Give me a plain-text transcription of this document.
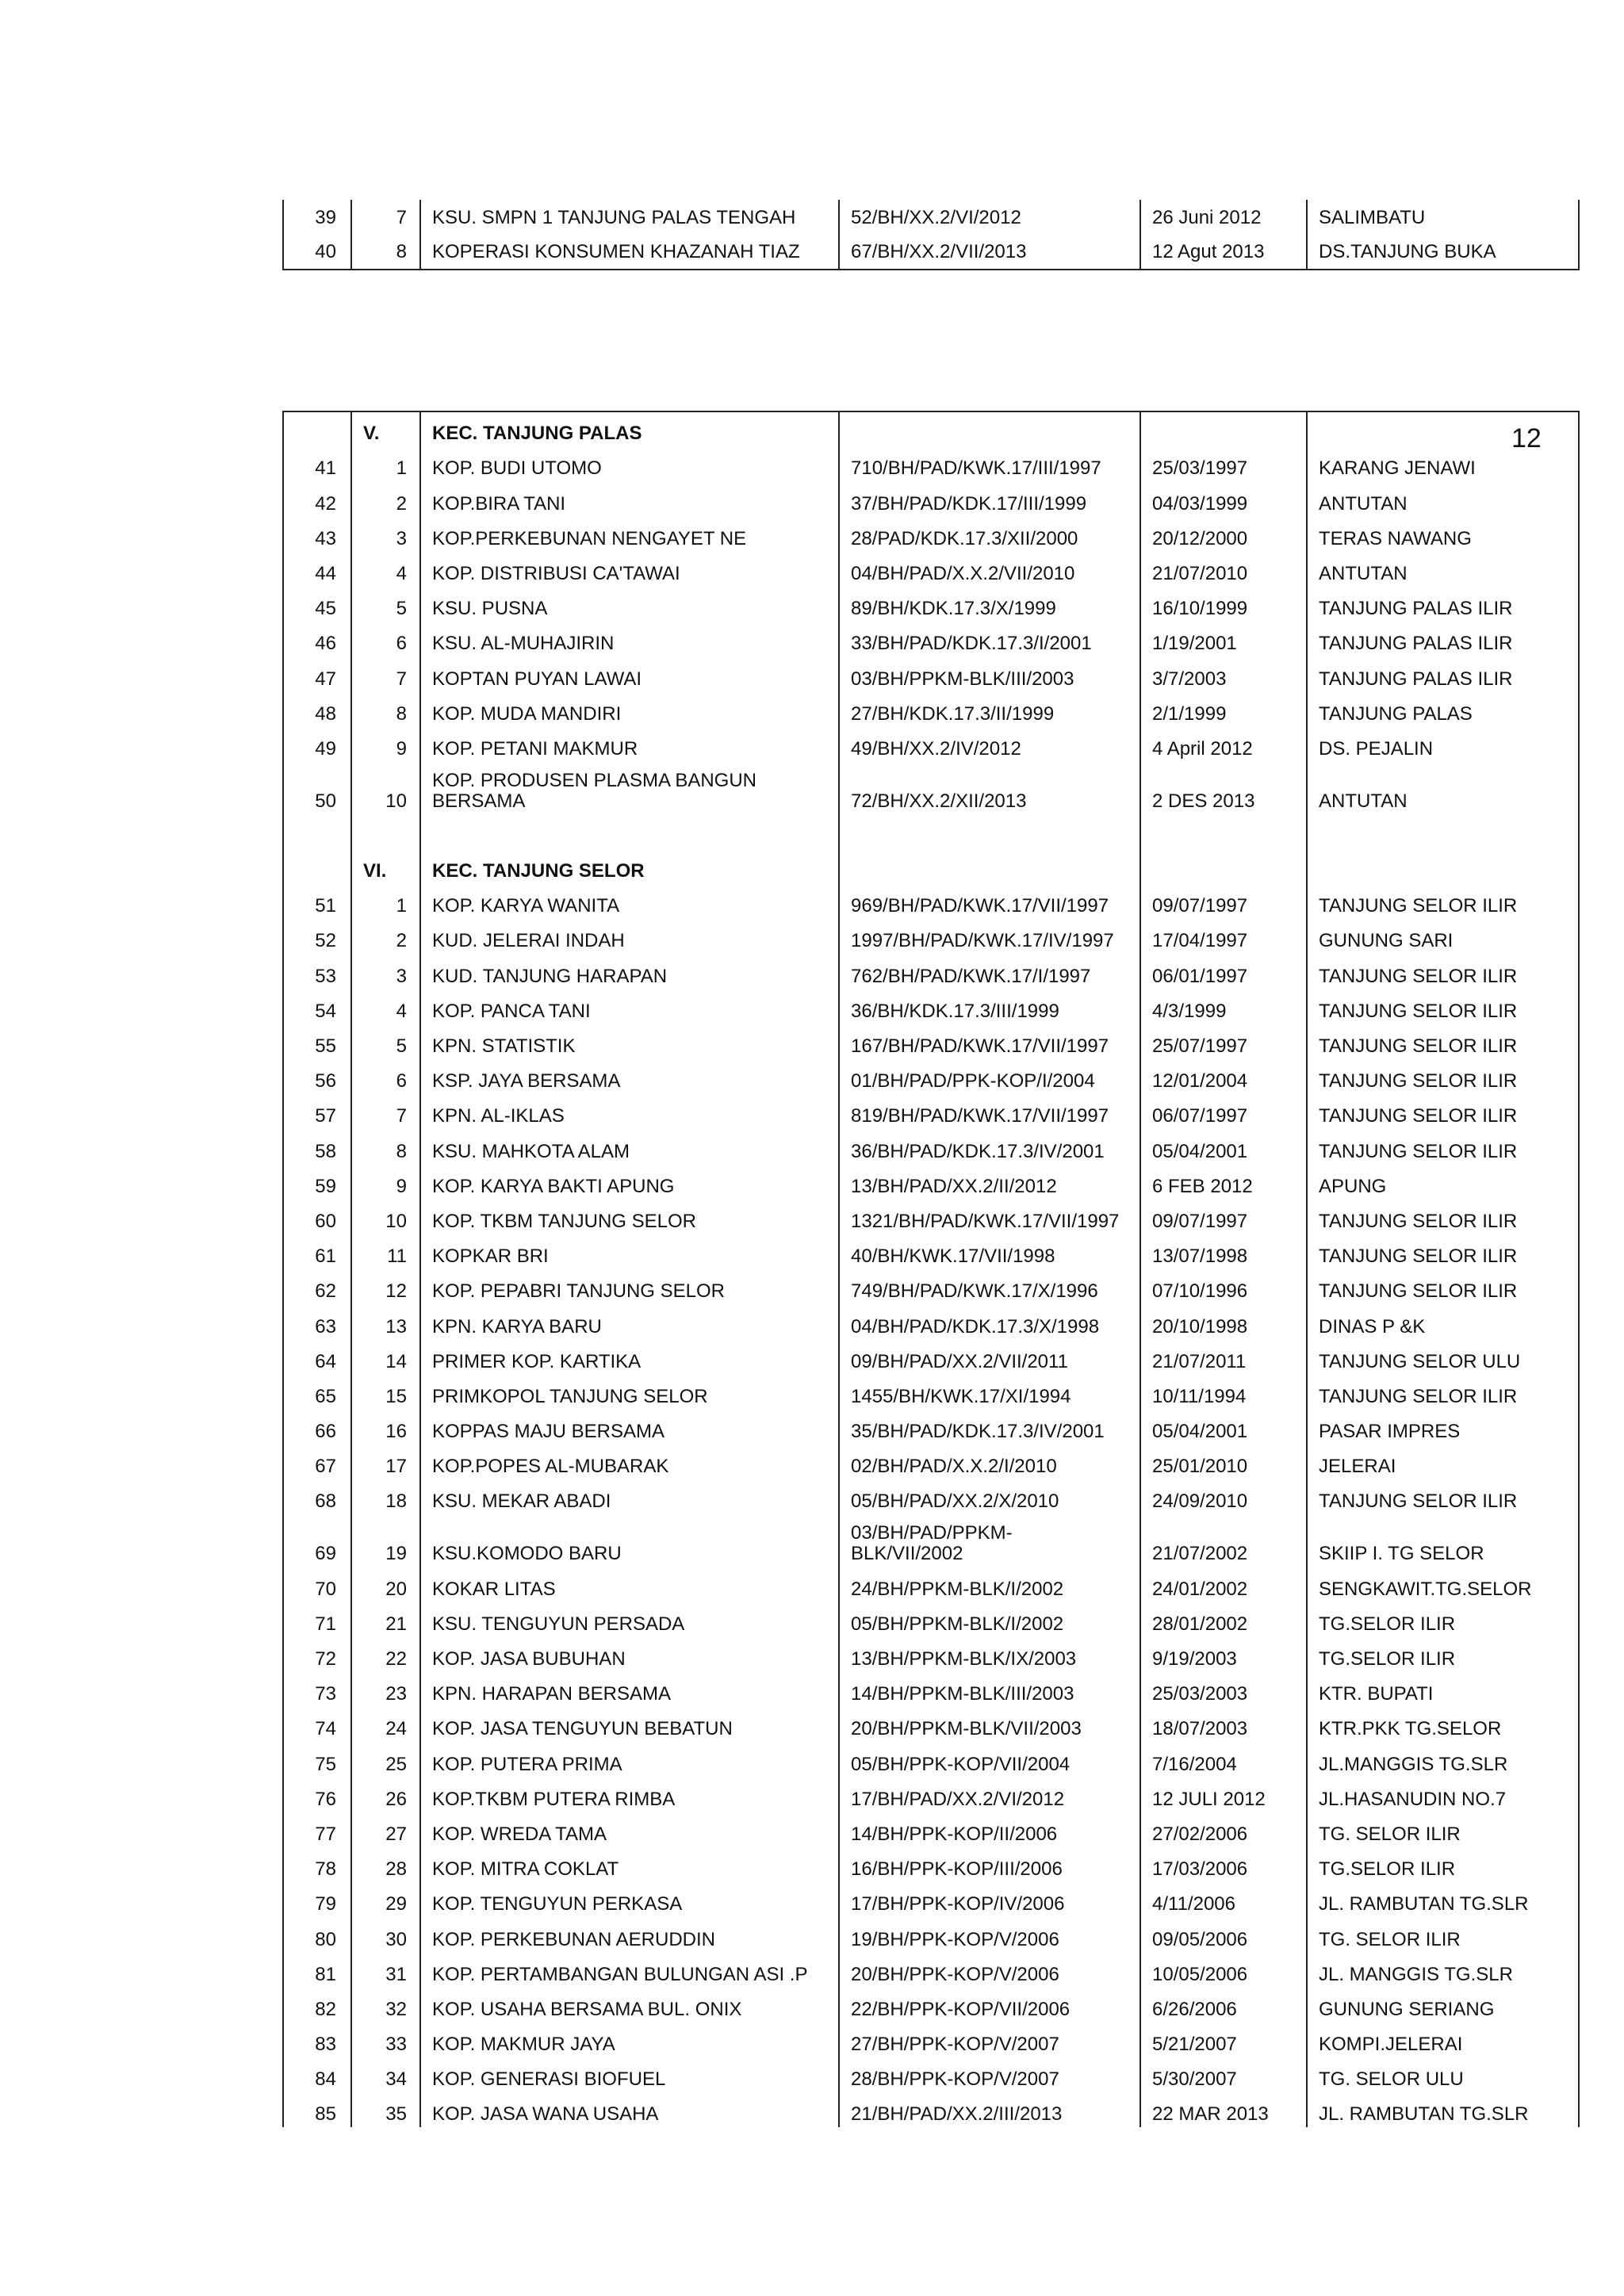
39	7	KSU. SMPN 1 TANJUNG PALAS TENGAH	52/BH/XX.2/VI/2012	26 Juni 2012	SALIMBATU
40	8	KOPERASI KONSUMEN KHAZANAH TIAZ	67/BH/XX.2/VII/2013	12 Agut 2013	DS.TANJUNG BUKA
	V.	KEC. TANJUNG PALAS			
41	1	KOP. BUDI UTOMO	710/BH/PAD/KWK.17/III/1997	25/03/1997	KARANG JENAWI
42	2	KOP.BIRA TANI	37/BH/PAD/KDK.17/III/1999	04/03/1999	ANTUTAN
43	3	KOP.PERKEBUNAN NENGAYET NE	28/PAD/KDK.17.3/XII/2000	20/12/2000	TERAS NAWANG
44	4	KOP. DISTRIBUSI CA'TAWAI	04/BH/PAD/X.X.2/VII/2010	21/07/2010	ANTUTAN
45	5	KSU. PUSNA	89/BH/KDK.17.3/X/1999	16/10/1999	TANJUNG PALAS ILIR
46	6	KSU. AL-MUHAJIRIN	33/BH/PAD/KDK.17.3/I/2001	1/19/2001	TANJUNG PALAS ILIR
47	7	KOPTAN PUYAN LAWAI	03/BH/PPKM-BLK/III/2003	3/7/2003	TANJUNG PALAS ILIR
48	8	KOP. MUDA MANDIRI	27/BH/KDK.17.3/II/1999	2/1/1999	TANJUNG PALAS
49	9	KOP. PETANI MAKMUR	49/BH/XX.2/IV/2012	4 April 2012	DS. PEJALIN
50	10	KOP. PRODUSEN PLASMA BANGUN
BERSAMA	72/BH/XX.2/XII/2013	2 DES 2013	ANTUTAN

	VI.	KEC. TANJUNG SELOR			
51	1	KOP. KARYA WANITA	969/BH/PAD/KWK.17/VII/1997	09/07/1997	TANJUNG SELOR ILIR
52	2	KUD. JELERAI INDAH	1997/BH/PAD/KWK.17/IV/1997	17/04/1997	GUNUNG SARI
53	3	KUD. TANJUNG HARAPAN	762/BH/PAD/KWK.17/I/1997	06/01/1997	TANJUNG SELOR ILIR
54	4	KOP. PANCA TANI	36/BH/KDK.17.3/III/1999	4/3/1999	TANJUNG SELOR ILIR
55	5	KPN. STATISTIK	167/BH/PAD/KWK.17/VII/1997	25/07/1997	TANJUNG SELOR ILIR
56	6	KSP. JAYA BERSAMA	01/BH/PAD/PPK-KOP/I/2004	12/01/2004	TANJUNG SELOR ILIR
57	7	KPN. AL-IKLAS	819/BH/PAD/KWK.17/VII/1997	06/07/1997	TANJUNG SELOR ILIR
58	8	KSU. MAHKOTA ALAM	36/BH/PAD/KDK.17.3/IV/2001	05/04/2001	TANJUNG SELOR ILIR
59	9	KOP. KARYA BAKTI APUNG	13/BH/PAD/XX.2/II/2012	6 FEB 2012	APUNG
60	10	KOP. TKBM TANJUNG SELOR	1321/BH/PAD/KWK.17/VII/1997	09/07/1997	TANJUNG SELOR ILIR
61	11	KOPKAR BRI	40/BH/KWK.17/VII/1998	13/07/1998	TANJUNG SELOR ILIR
62	12	KOP. PEPABRI TANJUNG SELOR	749/BH/PAD/KWK.17/X/1996	07/10/1996	TANJUNG SELOR ILIR
63	13	KPN. KARYA BARU	04/BH/PAD/KDK.17.3/X/1998	20/10/1998	DINAS P &K
64	14	PRIMER KOP. KARTIKA	09/BH/PAD/XX.2/VII/2011	21/07/2011	TANJUNG SELOR ULU
65	15	PRIMKOPOL TANJUNG SELOR	1455/BH/KWK.17/XI/1994	10/11/1994	TANJUNG SELOR ILIR
66	16	KOPPAS MAJU BERSAMA	35/BH/PAD/KDK.17.3/IV/2001	05/04/2001	PASAR IMPRES
67	17	KOP.POPES AL-MUBARAK	02/BH/PAD/X.X.2/I/2010	25/01/2010	JELERAI
68	18	KSU. MEKAR ABADI	05/BH/PAD/XX.2/X/2010	24/09/2010	TANJUNG SELOR ILIR
69	19	KSU.KOMODO BARU	03/BH/PAD/PPKM-
BLK/VII/2002	21/07/2002	SKIIP I. TG SELOR
70	20	KOKAR LITAS	24/BH/PPKM-BLK/I/2002	24/01/2002	SENGKAWIT.TG.SELOR
71	21	KSU. TENGUYUN PERSADA	05/BH/PPKM-BLK/I/2002	28/01/2002	TG.SELOR ILIR
72	22	KOP. JASA BUBUHAN	13/BH/PPKM-BLK/IX/2003	9/19/2003	TG.SELOR ILIR
73	23	KPN. HARAPAN BERSAMA	14/BH/PPKM-BLK/III/2003	25/03/2003	KTR. BUPATI
74	24	KOP. JASA TENGUYUN BEBATUN	20/BH/PPKM-BLK/VII/2003	18/07/2003	KTR.PKK TG.SELOR
75	25	KOP. PUTERA PRIMA	05/BH/PPK-KOP/VII/2004	7/16/2004	JL.MANGGIS TG.SLR
76	26	KOP.TKBM PUTERA RIMBA	17/BH/PAD/XX.2/VI/2012	12 JULI 2012	JL.HASANUDIN NO.7
77	27	KOP. WREDA TAMA	14/BH/PPK-KOP/II/2006	27/02/2006	TG. SELOR ILIR
78	28	KOP. MITRA COKLAT	16/BH/PPK-KOP/III/2006	17/03/2006	TG.SELOR ILIR
79	29	KOP. TENGUYUN PERKASA	17/BH/PPK-KOP/IV/2006	4/11/2006	JL. RAMBUTAN TG.SLR
80	30	KOP. PERKEBUNAN AERUDDIN	19/BH/PPK-KOP/V/2006	09/05/2006	TG. SELOR ILIR
81	31	KOP. PERTAMBANGAN BULUNGAN ASI .P	20/BH/PPK-KOP/V/2006	10/05/2006	JL. MANGGIS TG.SLR
82	32	KOP. USAHA BERSAMA BUL. ONIX	22/BH/PPK-KOP/VII/2006	6/26/2006	GUNUNG SERIANG
83	33	KOP. MAKMUR JAYA	27/BH/PPK-KOP/V/2007	5/21/2007	KOMPI.JELERAI
84	34	KOP. GENERASI BIOFUEL	28/BH/PPK-KOP/V/2007	5/30/2007	TG. SELOR ULU
85	35	KOP. JASA WANA USAHA	21/BH/PAD/XX.2/III/2013	22 MAR 2013	JL. RAMBUTAN TG.SLR
12
